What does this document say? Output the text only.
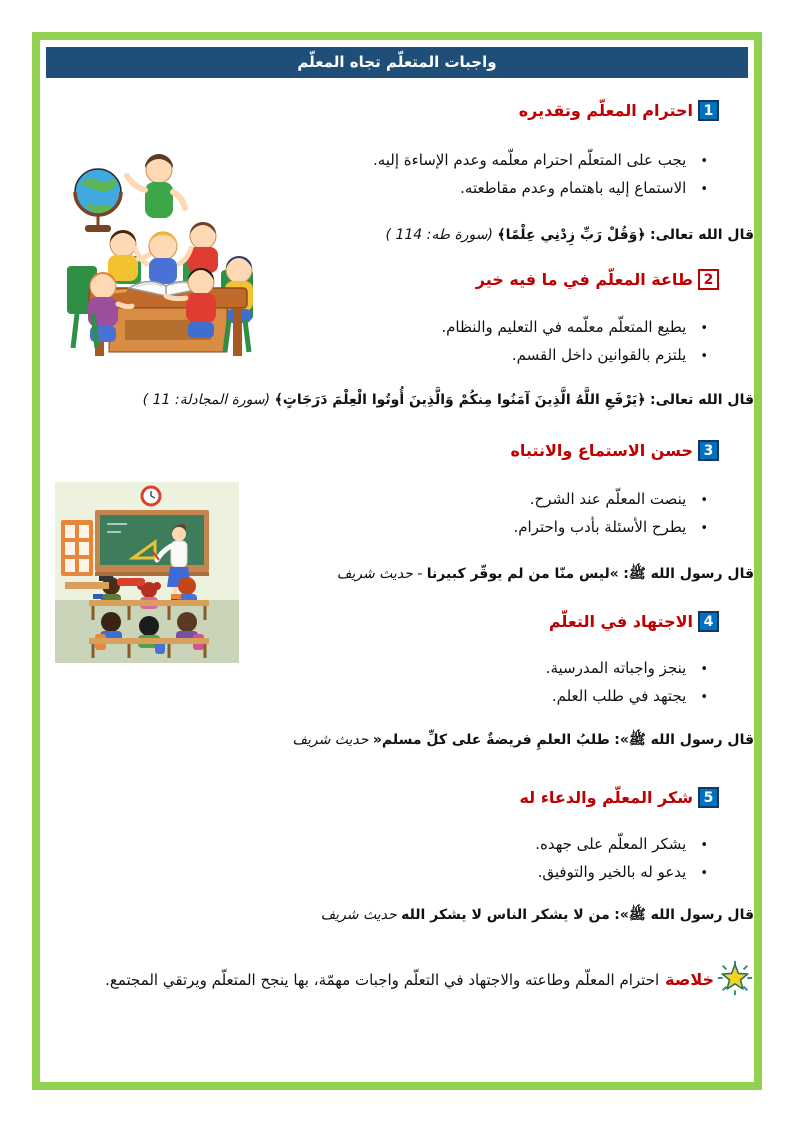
واجبات المتعلّم تجاه المعلّم
1
احترام المعلّم وتقديره
• يجب على المتعلّم احترام معلّمه وعدم الإساءة إليه.
• الاستماع إليه باهتمام وعدم مقاطعته.

قال الله تعالى: ﴿وَقُلْ رَبِّ زِدْنِي عِلْمًا﴾ (سورة طه: 114 )

2
طاعة المعلّم في ما فيه خير
• يطيع المتعلّم معلّمه في التعليم والنظام.
• يلتزم بالقوانين داخل القسم.

قال الله تعالى: ﴿يَرْفَعِ اللَّهُ الَّذِينَ آمَنُوا مِنكُمْ وَالَّذِينَ أُوتُوا الْعِلْمَ دَرَجَاتٍ﴾ (سورة المجادلة: 11 )

3
حسن الاستماع والانتباه
• ينصت المعلّم عند الشرح.
• يطرح الأسئلة بأدب واحترام.

قال رسول الله ﷺ: »ليس منّا من لم يوقّر كبيرنا - حديث شريف

4
الاجتهاد في التعلّم
• ينجز واجباته المدرسية.
• يجتهد في طلب العلم.

قال رسول الله ﷺ»: طلبُ العلمِ فريضةٌ على كلِّ مسلم« حديث شريف

5
شكر المعلّم والدعاء له
• يشكر المعلّم على جهده.
• يدعو له بالخير والتوفيق.

قال رسول الله ﷺ»: من لا يشكر الناس لا يشكر الله حديث شريف

خلاصةاحترام المعلّم وطاعته والاجتهاد في التعلّم واجبات مهمّة، بها ينجح المتعلّم ويرتقي المجتمع.
